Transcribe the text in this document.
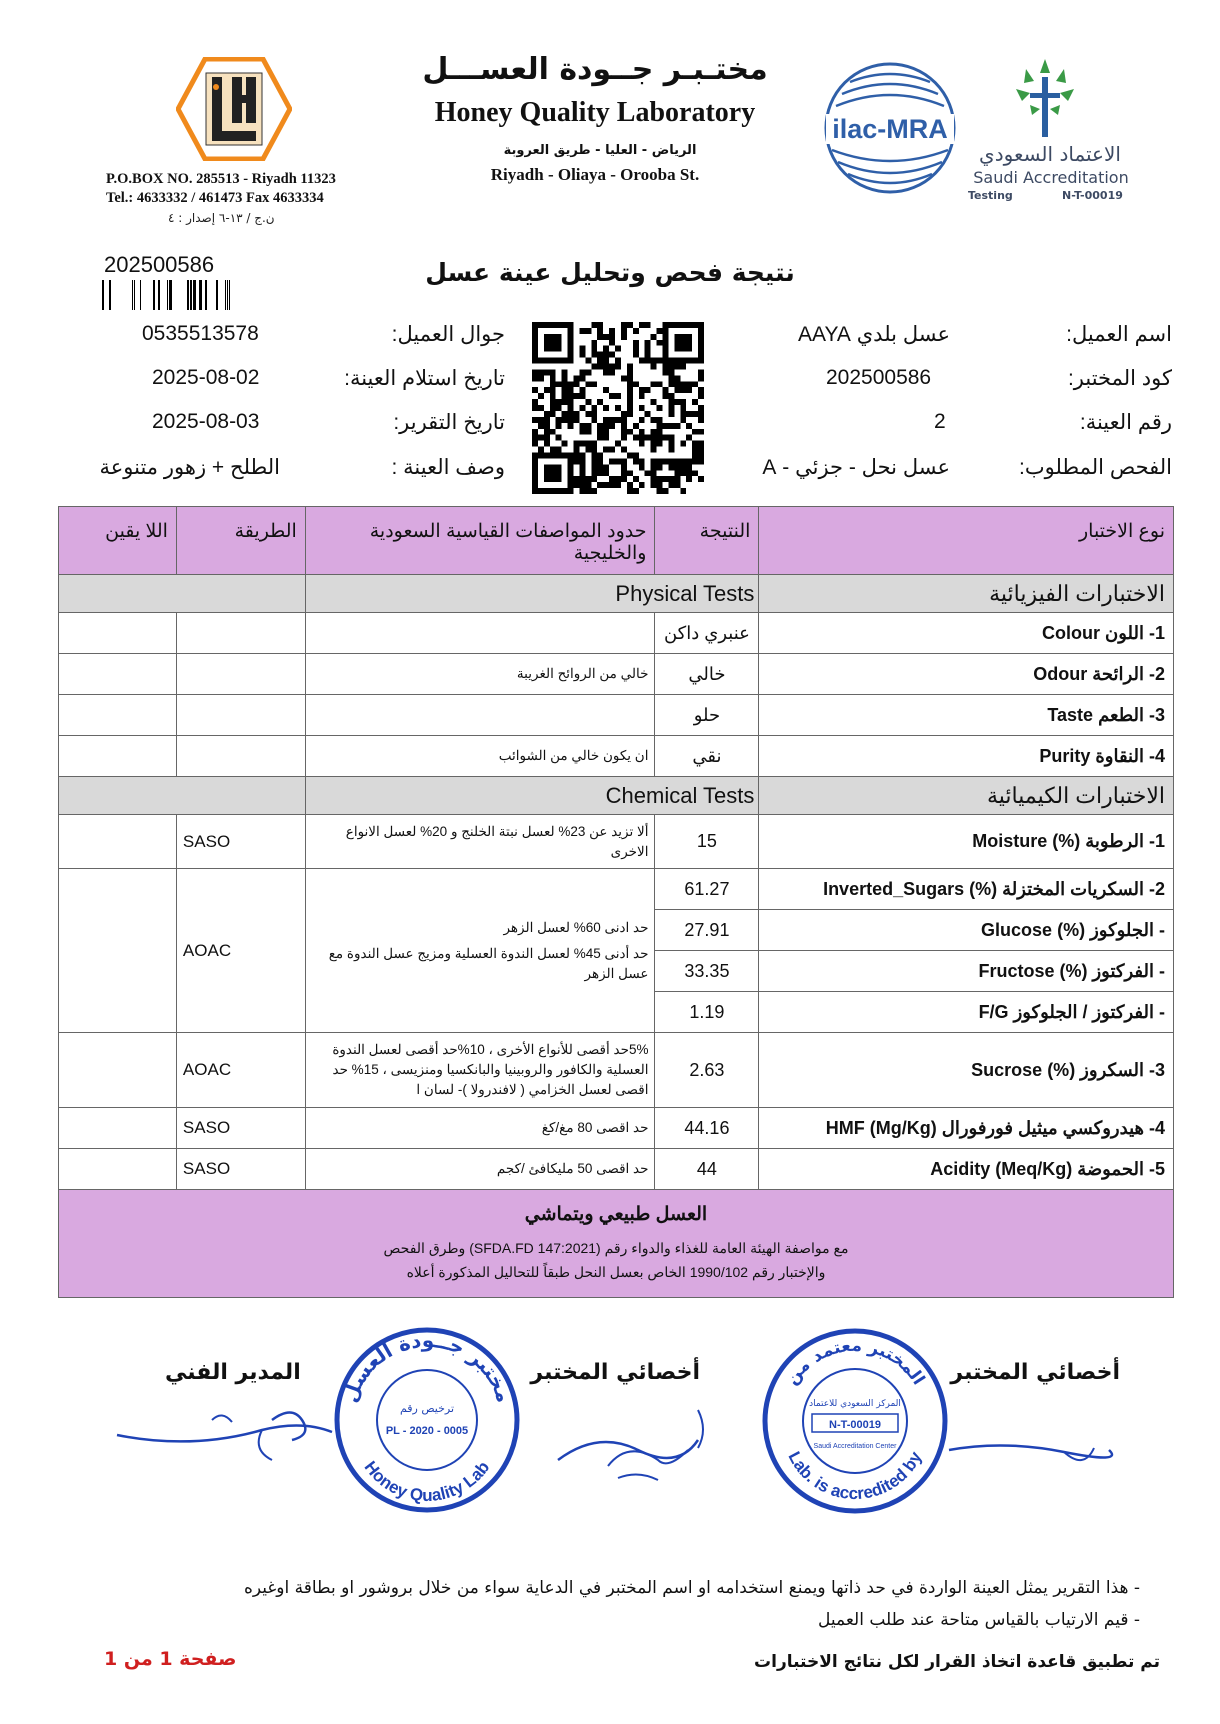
P.O.BOX NO. 285513 - Riyadh 11323
Tel.: 4633332 / 461473 Fax 4633334
ن.ج / ١٣-٦ إصدار : ٤
مختـبـر جــودة العســـل
Honey Quality Laboratory
الرياض - العليا - طريق العروبة
Riyadh - Oliaya - Orooba St.
ilac-MRA
الاعتماد السعودي
Saudi Accreditation
Testing	N-T-00019
202500586	نتيجة فحص وتحليل عينة عسل
اسم العميل:
عسل بلدي AAYA
جوال العميل:
0535513578
كود المختبر:
202500586
تاريخ استلام العينة:
2025-08-02
رقم العينة:
2
تاريخ التقرير:
2025-08-03
الفحص المطلوب:
عسل نحل - جزئي - A
وصف العينة :
الطلح + زهور متنوعة
نوع الاختبار	النتيجة	حدود المواصفات القياسية السعودية والخليجية	الطريقة	اللا يقين
الاختبارات الفيزيائية	Physical Tests			
1- اللون Colour	عنبري داكن			
2- الرائحة Odour	خالي	خالي من الروائح الغريبة		
3- الطعم Taste	حلو			
4- النقاوة Purity	نقي	ان يكون خالي من الشوائب		
الاختبارات الكيميائية	Chemical Tests			
1- الرطوبة (%) Moisture	15	ألا تزيد عن 23% لعسل نبتة الخلنج و 20% لعسل الانواع الاخرى	SASO	
2- السكريات المختزلة (%) Inverted_Sugars	61.27	حد ادنى 60% لعسل الزهر
حد أدنى 45% لعسل الندوة العسلية ومزيج عسل الندوة مع عسل الزهر	AOAC	
- الجلوكوز (%) Glucose	27.91			
- الفركتوز (%) Fructose	33.35			
- الفركتوز / الجلوكوز F/G	1.19			
3- السكروز (%) Sucrose	2.63	5%حد أقصى للأنواع الأخرى ، 10%حد أقصى لعسل الندوة العسلية والكافور والروبينيا والبانكسيا ومنزيسى ، 15% حد اقصى لعسل الخزامي ( لافندرولا )- لسان ا	AOAC	
4- هيدروكسي ميثيل فورفورال (Mg/Kg) HMF	44.16	حد اقصى 80 مغ/كغ	SASO	
5- الحموضة (Meq/Kg) Acidity	44	حد اقصى 50 مليكافئ /كجم	SASO	

العسل طبيعي ويتماشي
مع مواصفة الهيئة العامة للغذاء والدواء رقم (SFDA.FD 147:2021) وطرق الفحص
والإختبار رقم 1990/102 الخاص بعسل النحل طبقاً للتحاليل المذكورة أعلاه				
أخصائي المختبر
أخصائي المختبر
المدير الفني	المختبر معتمد من
المركز السعودي للاعتماد
N-T-00019
Saudi Accreditation Center
Lab. is accredited by
مختبر جــودة العسل
ترخيص رقم
PL - 2020 - 0005
Honey Quality Lab
- هذا التقرير يمثل العينة الواردة في حد ذاتها ويمنع استخدامه او اسم المختبر في الدعاية سواء من خلال بروشور او بطاقة اوغيره
- قيم الارتياب بالقياس متاحة عند طلب العميل
تم تطبيق قاعدة اتخاذ القرار لكل نتائج الاختبارات
صفحة 1 من 1
